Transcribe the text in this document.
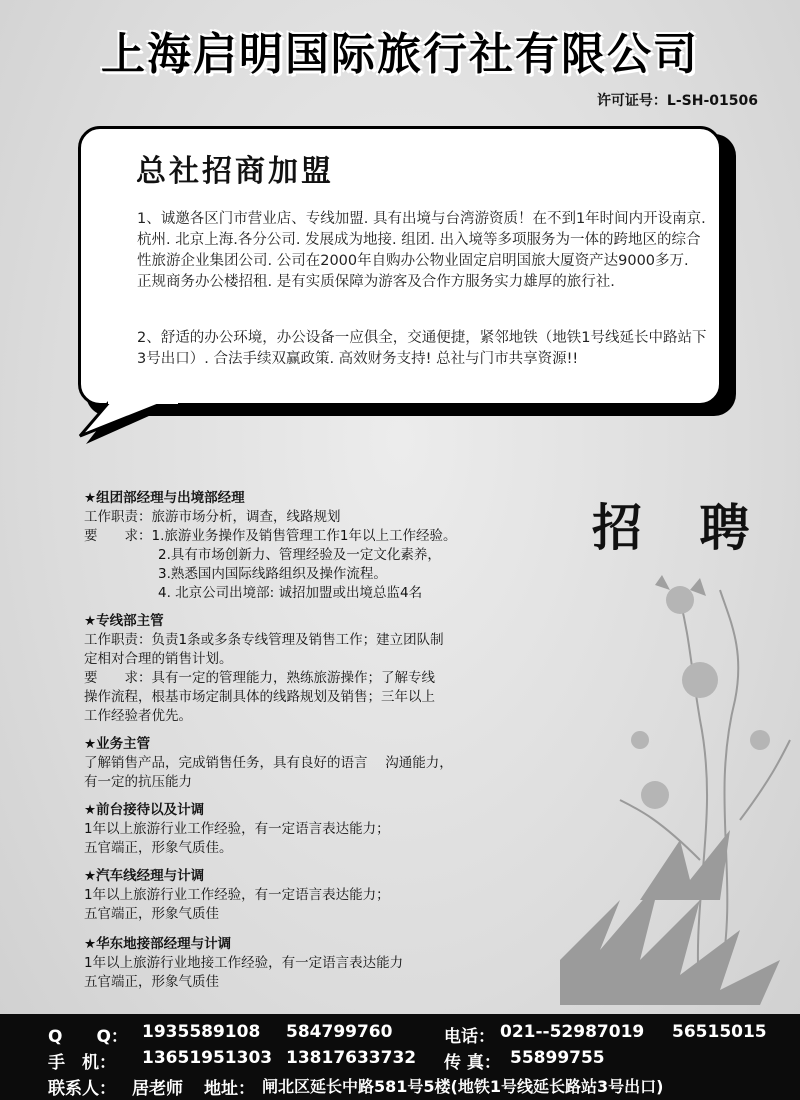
上海启明国际旅行社有限公司
许可证号：L-SH-01506
总社招商加盟
1、诚邀各区门市营业店、专线加盟. 具有出境与台湾游资质！在不到1年时间内开设南京. 杭州. 北京上海.各分公司. 发展成为地接. 组团. 出入境等多项服务为一体的跨地区的综合性旅游企业集团公司. 公司在2000年自购办公物业固定启明国旅大厦资产达9000多万. 正规商务办公楼招租. 是有实质保障为游客及合作方服务实力雄厚的旅行社.
2、舒适的办公环境，办公设备一应俱全，交通便捷，紧邻地铁（地铁1号线延长中路站下3号出口）. 合法手续双赢政策. 高效财务支持! 总社与门市共享资源!!
招 聘
★组团部经理与出境部经理
工作职责：旅游市场分析，调查，线路规划
要　　求：1.旅游业务操作及销售管理工作1年以上工作经验。
2.具有市场创新力、管理经验及一定文化素养，
3.熟悉国内国际线路组织及操作流程。
4. 北京公司出境部: 诚招加盟或出境总监4名
★专线部主管
工作职责：负责1条或多条专线管理及销售工作；建立团队制
定相对合理的销售计划。
要　　求：具有一定的管理能力，熟练旅游操作；了解专线
操作流程，根基市场定制具体的线路规划及销售；三年以上
工作经验者优先。
★业务主管
了解销售产品，完成销售任务，具有良好的语言　 沟通能力，
有一定的抗压能力
★前台接待以及计调
1年以上旅游行业工作经验，有一定语言表达能力；
五官端正，形象气质佳。
★汽车线经理与计调
1年以上旅游行业工作经验，有一定语言表达能力；
五官端正，形象气质佳
★华东地接部经理与计调
1年以上旅游行业地接工作经验，有一定语言表达能力
五官端正，形象气质佳
Q　　Q： 1935589108 584799760	电话： 021--52987019 56515015
手　机： 13651951303 13817633732 传 真： 55899755
联系人： 居老师 地址： 闸北区延长中路581号5楼(地铁1号线延长路站3号出口)
